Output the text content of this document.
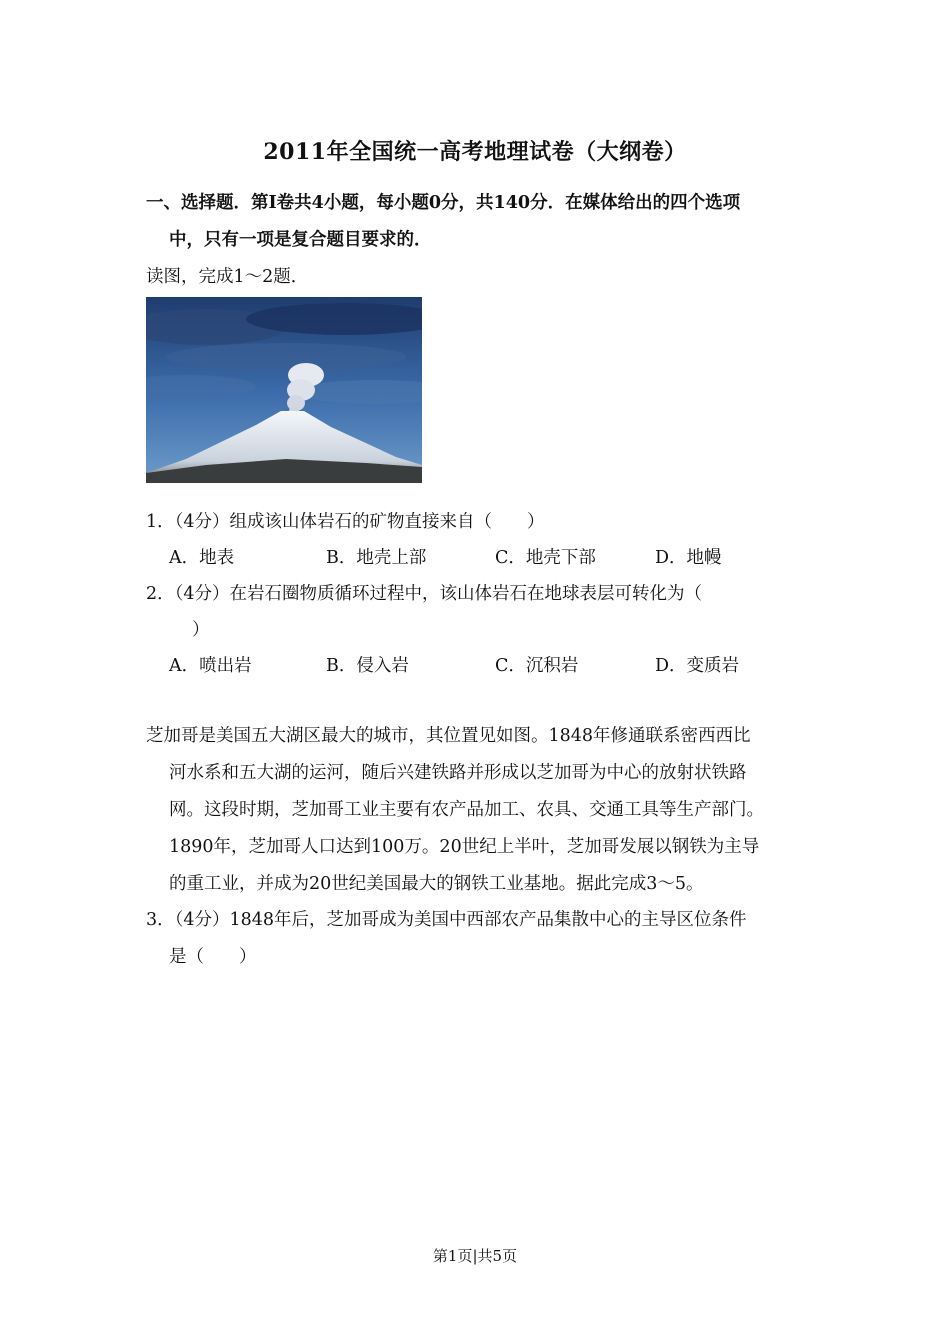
2011年全国统一高考地理试卷（大纲卷）
一、选择题．第I卷共4小题，每小题0分，共140分．在媒体给出的四个选项
中，只有一项是复合题目要求的．
读图，完成1～2题．
1．（4分）组成该山体岩石的矿物直接来自（　　）
A．地表	B．地壳上部	C．地壳下部	D．地幔
2．（4分）在岩石圈物质循环过程中，该山体岩石在地球表层可转化为（
）
A．喷出岩	B．侵入岩	C．沉积岩	D．变质岩
芝加哥是美国五大湖区最大的城市，其位置见如图。1848年修通联系密西西比
河水系和五大湖的运河，随后兴建铁路并形成以芝加哥为中心的放射状铁路
网。这段时期，芝加哥工业主要有农产品加工、农具、交通工具等生产部门。
1890年，芝加哥人口达到100万。20世纪上半叶，芝加哥发展以钢铁为主导
的重工业，并成为20世纪美国最大的钢铁工业基地。据此完成3～5。
3．（4分）1848年后，芝加哥成为美国中西部农产品集散中心的主导区位条件
是（　　）
第1页|共5页
